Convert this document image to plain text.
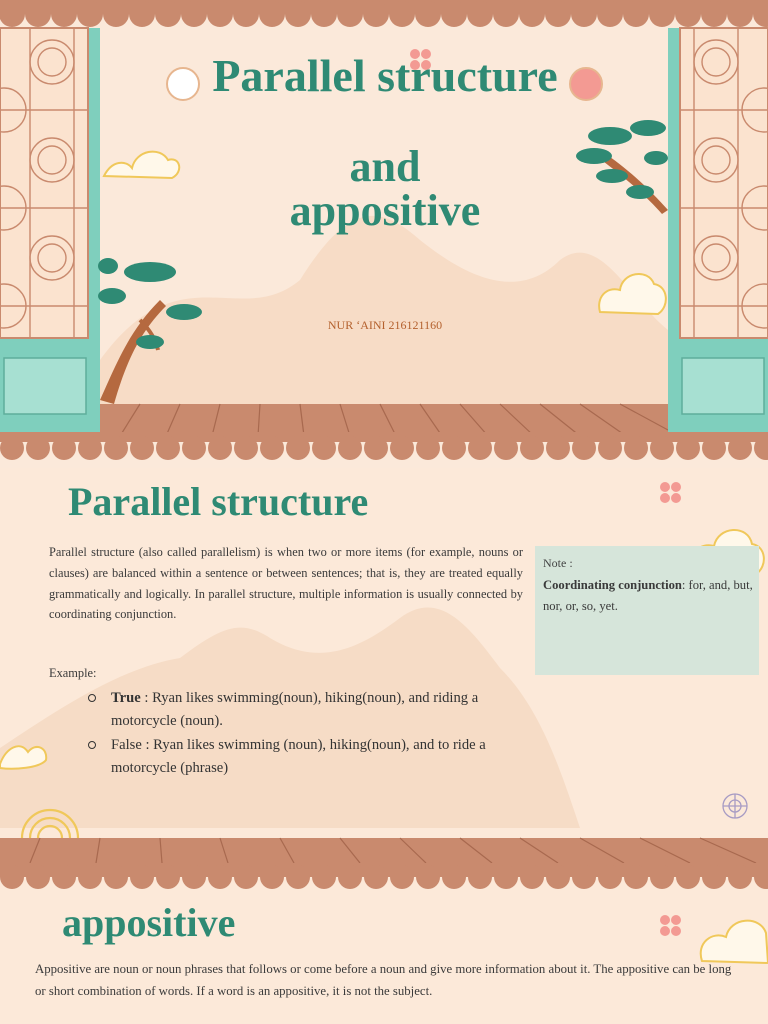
Parallel structure
and
appositive
NUR ‘AINI 216121160
Parallel structure

Parallel structure (also called parallelism) is when two or more items (for example, nouns or clauses) are balanced within a sentence or between sentences; that is, they are treated equally grammatically and logically. In parallel structure, multiple information is usually connected by coordinating conjunction.

Example:
True : Ryan likes swimming(noun), hiking(noun), and riding a motorcycle (noun).
False : Ryan likes swimming (noun), hiking(noun), and to ride a motorcycle (phrase)
Note :
Coordinating conjunction: for, and, but, nor, or, so, yet.
appositive

Appositive are noun or noun phrases that follows or come before a noun and give more information about it. The appositive can be long or short combination of words. If a word is an appositive, it is not the subject.
